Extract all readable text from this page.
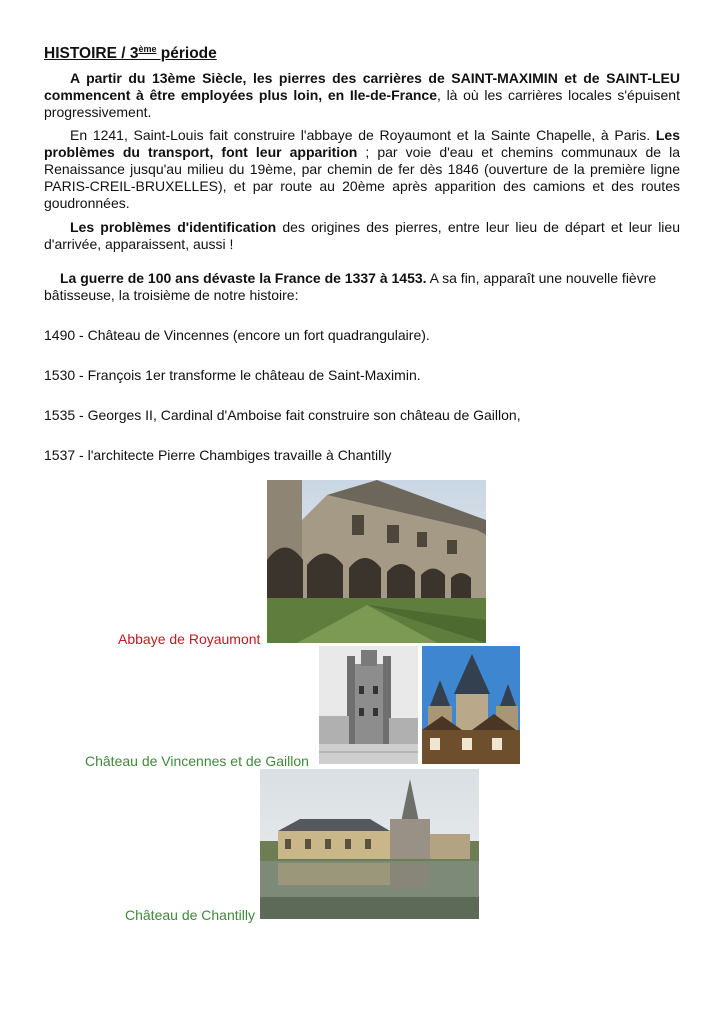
HISTOIRE / 3ème période

A partir du 13ème Siècle, les pierres des carrières de SAINT-MAXIMIN et de SAINT-LEU commencent à être employées plus loin, en Ile-de-France, là où les carrières locales s'épuisent progressivement.

En 1241, Saint-Louis fait construire l'abbaye de Royaumont et la Sainte Chapelle, à Paris. Les problèmes du transport, font leur apparition ; par voie d'eau et chemins communaux de la Renaissance jusqu'au milieu du 19ème, par chemin de fer dès 1846 (ouverture de la première ligne PARIS-CREIL-BRUXELLES), et par route au 20ème après apparition des camions et des routes goudronnées.

Les problèmes d'identification des origines des pierres, entre leur lieu de départ et leur lieu d'arrivée, apparaissent, aussi !

La guerre de 100 ans dévaste la France de 1337 à 1453. A sa fin, apparaît une nouvelle fièvre bâtisseuse, la troisième de notre histoire:

1490 - Château de Vincennes (encore un fort quadrangulaire).
1530 - François 1er transforme le château de Saint-Maximin.
1535 - Georges II, Cardinal d'Amboise fait construire son château de Gaillon,
1537 - l'architecte Pierre Chambiges travaille à Chantilly
Abbaye de Royaumont
Château de Vincennes et de Gaillon
Château de Chantilly
